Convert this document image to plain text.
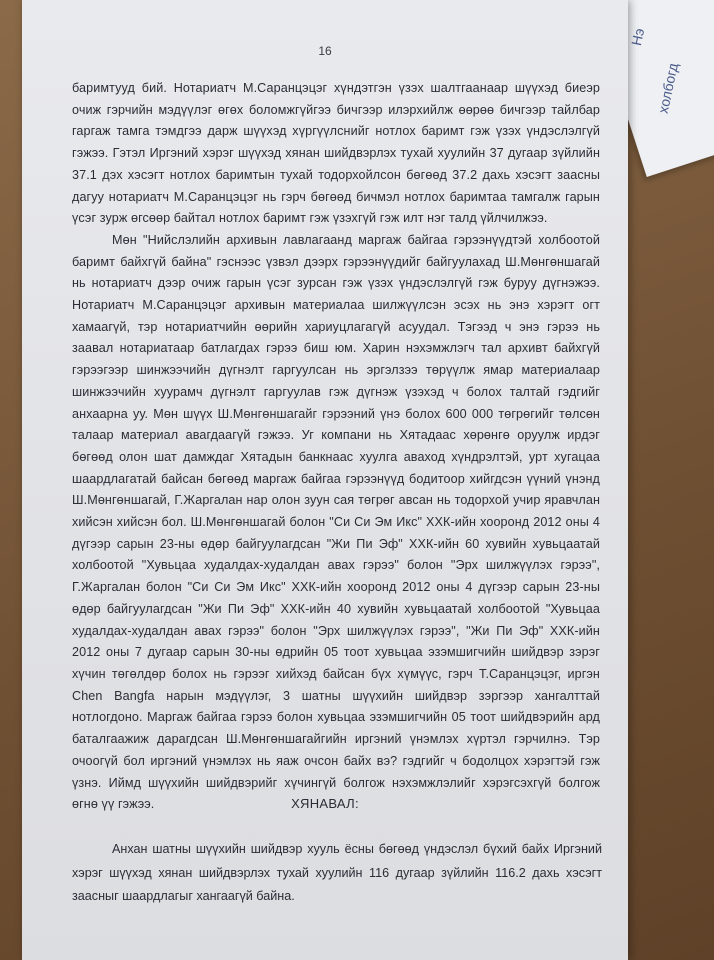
Нэ
холбогд
16

баримтууд бий. Нотариатч М.Саранцэцэг хүндэтгэн үзэх шалтгаанаар шүүхэд биеэр очиж гэрчийн мэдүүлэг өгөх боломжгүйгээ бичгээр илэрхийлж өөрөө бичгээр тайлбар гаргаж тамга тэмдгээ дарж шүүхэд хүргүүлснийг нотлох баримт гэж үзэх үндэслэлгүй гэжээ. Гэтэл Иргэний хэрэг шүүхэд хянан шийдвэрлэх тухай хуулийн 37 дугаар зүйлийн 37.1 дэх хэсэгт нотлох баримтын тухай тодорхойлсон бөгөөд 37.2 дахь хэсэгт заасны дагуу нотариатч М.Саранцэцэг нь гэрч бөгөөд бичмэл нотлох баримтаа тамгалж гарын үсэг зурж өгсөөр байтал нотлох баримт гэж үзэхгүй гэж илт нэг талд үйлчилжээ.

Мөн "Нийслэлийн архивын лавлагаанд маргаж байгаа гэрээнүүдтэй холбоотой баримт байхгүй байна" гэснээс үзвэл дээрх гэрээнүүдийг байгуулахад Ш.Мөнгөншагай нь нотариатч дээр очиж гарын үсэг зурсан гэж үзэх үндэслэлгүй гэж буруу дүгнэжээ. Нотариатч М.Саранцэцэг архивын материалаа шилжүүлсэн эсэх нь энэ хэрэгт огт хамаагүй, тэр нотариатчийн өөрийн хариуцлагагүй асуудал. Тэгээд ч энэ гэрээ нь заавал нотариатаар батлагдах гэрээ биш юм. Харин нэхэмжлэгч тал архивт байхгүй гэрээгээр шинжээчийн дүгнэлт гаргуулсан нь эргэлзээ төрүүлж ямар материалаар шинжээчийн хуурамч дүгнэлт гаргуулав гэж дүгнэж үзэхэд ч болох талтай гэдгийг анхаарна уу. Мөн шүүх Ш.Мөнгөншагайг гэрээний үнэ болох 600 000 төгрөгийг төлсөн талаар материал авагдаагүй гэжээ. Уг компани нь Хятадаас хөрөнгө оруулж ирдэг бөгөөд олон шат дамждаг Хятадын банкнаас хуулга аваход хүндрэлтэй, урт хугацаа шаардлагатай байсан бөгөөд маргаж байгаа гэрээнүүд бодитоор хийгдсэн үүний үнэнд Ш.Мөнгөншагай, Г.Жаргалан нар олон зуун сая төгрөг авсан нь тодорхой учир яравчлан хийсэн хийсэн бол. Ш.Мөнгөншагай болон "Си Си Эм Икс" ХХК-ийн хооронд 2012 оны 4 дүгээр сарын 23-ны өдөр байгуулагдсан "Жи Пи Эф" ХХК-ийн 60 хувийн хувьцаатай холбоотой "Хувьцаа худалдах-худалдан авах гэрээ" болон "Эрх шилжүүлэх гэрээ", Г.Жаргалан болон "Си Си Эм Икс" ХХК-ийн хооронд 2012 оны 4 дүгээр сарын 23-ны өдөр байгуулагдсан "Жи Пи Эф" ХХК-ийн 40 хувийн хувьцаатай холбоотой "Хувьцаа худалдах-худалдан авах гэрээ" болон "Эрх шилжүүлэх гэрээ", "Жи Пи Эф" ХХК-ийн 2012 оны 7 дугаар сарын 30-ны өдрийн 05 тоот хувьцаа эзэмшигчийн шийдвэр зэрэг хүчин төгөлдөр болох нь гэрээг хийхэд байсан бүх хүмүүс, гэрч Т.Саранцэцэг, иргэн Chen Bangfa нарын мэдүүлэг, 3 шатны шүүхийн шийдвэр зэргээр хангалттай нотлогдоно. Маргаж байгаа гэрээ болон хувьцаа эзэмшигчийн 05 тоот шийдвэрийн ард баталгаажиж дарагдсан Ш.Мөнгөншагайгийн иргэний үнэмлэх хүртэл гэрчилнэ. Тэр очоогүй бол иргэний үнэмлэх нь яаж очсон байх вэ? гэдгийг ч бодолцох хэрэгтэй гэж үзнэ. Иймд шүүхийн шийдвэрийг хүчингүй болгож нэхэмжлэлийг хэрэгсэхгүй болгож өгнө үү гэжээ.	ХЯНАВАЛ:

Анхан шатны шүүхийн шийдвэр хууль ёсны бөгөөд үндэслэл бүхий байх Иргэний хэрэг шүүхэд хянан шийдвэрлэх тухай хуулийн 116 дугаар зүйлийн 116.2 дахь хэсэгт заасныг шаардлагыг хангаагүй байна.
